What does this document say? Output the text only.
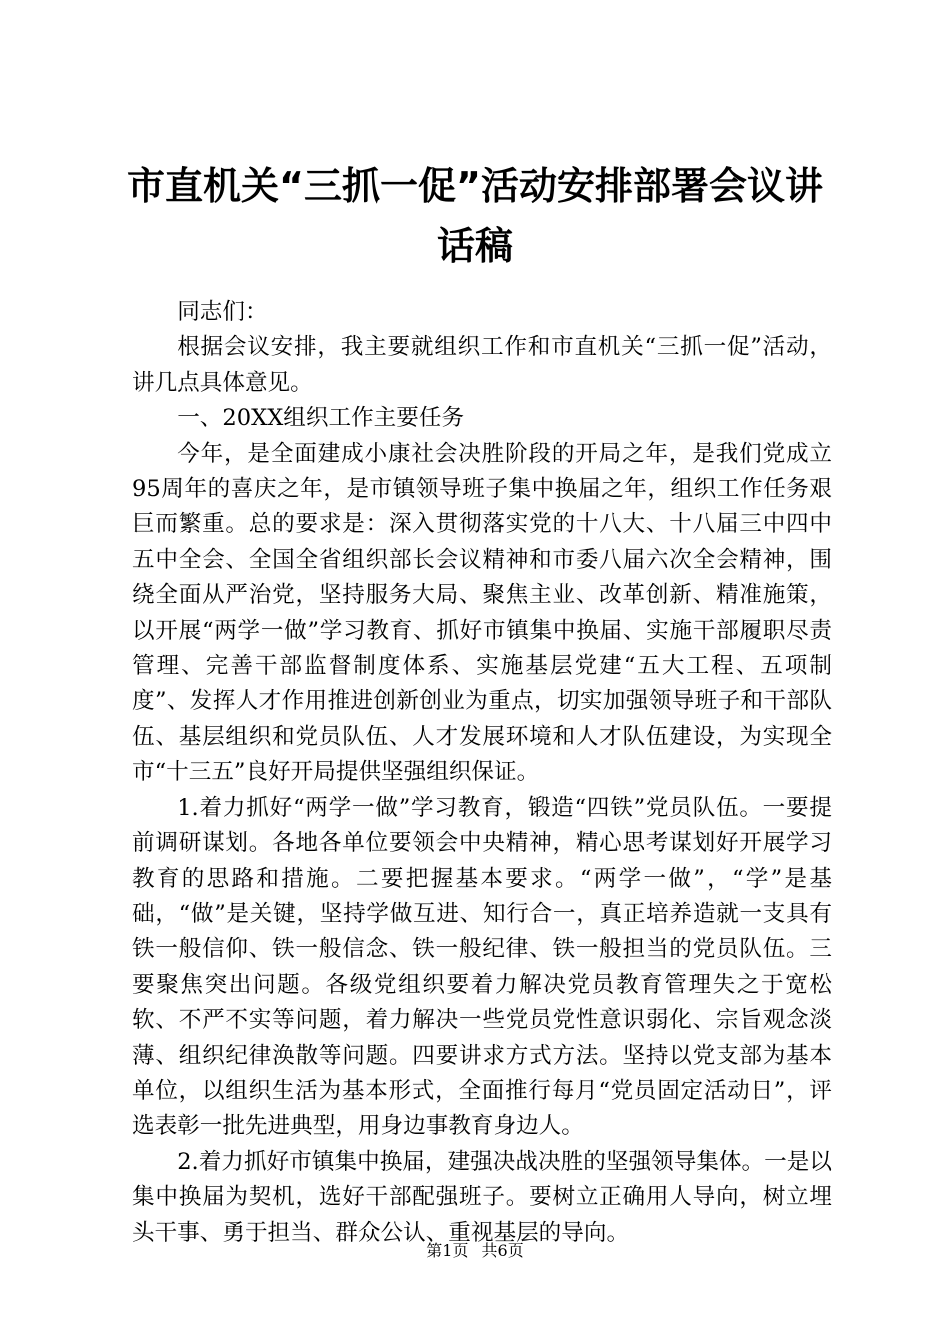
市直机关“三抓一促”活动安排部署会议讲话稿

同志们：

根据会议安排，我主要就组织工作和市直机关“三抓一促”活动，讲几点具体意见。

一、20XX组织工作主要任务

今年，是全面建成小康社会决胜阶段的开局之年，是我们党成立95周年的喜庆之年，是市镇领导班子集中换届之年，组织工作任务艰巨而繁重。总的要求是：深入贯彻落实党的十八大、十八届三中四中五中全会、全国全省组织部长会议精神和市委八届六次全会精神，围绕全面从严治党，坚持服务大局、聚焦主业、改革创新、精准施策，以开展“两学一做”学习教育、抓好市镇集中换届、实施干部履职尽责管理、完善干部监督制度体系、实施基层党建“五大工程、五项制度”、发挥人才作用推进创新创业为重点，切实加强领导班子和干部队伍、基层组织和党员队伍、人才发展环境和人才队伍建设，为实现全市“十三五”良好开局提供坚强组织保证。

1.着力抓好“两学一做”学习教育，锻造“四铁”党员队伍。一要提前调研谋划。各地各单位要领会中央精神，精心思考谋划好开展学习教育的思路和措施。二要把握基本要求。“两学一做”，“学”是基础，“做”是关键，坚持学做互进、知行合一，真正培养造就一支具有铁一般信仰、铁一般信念、铁一般纪律、铁一般担当的党员队伍。三要聚焦突出问题。各级党组织要着力解决党员教育管理失之于宽松软、不严不实等问题，着力解决一些党员党性意识弱化、宗旨观念淡薄、组织纪律涣散等问题。四要讲求方式方法。坚持以党支部为基本单位，以组织生活为基本形式，全面推行每月“党员固定活动日”，评选表彰一批先进典型，用身边事教育身边人。

2.着力抓好市镇集中换届，建强决战决胜的坚强领导集体。一是以集中换届为契机，选好干部配强班子。要树立正确用人导向，树立埋头干事、勇于担当、群众公认、重视基层的导向。

第1页 共6页
